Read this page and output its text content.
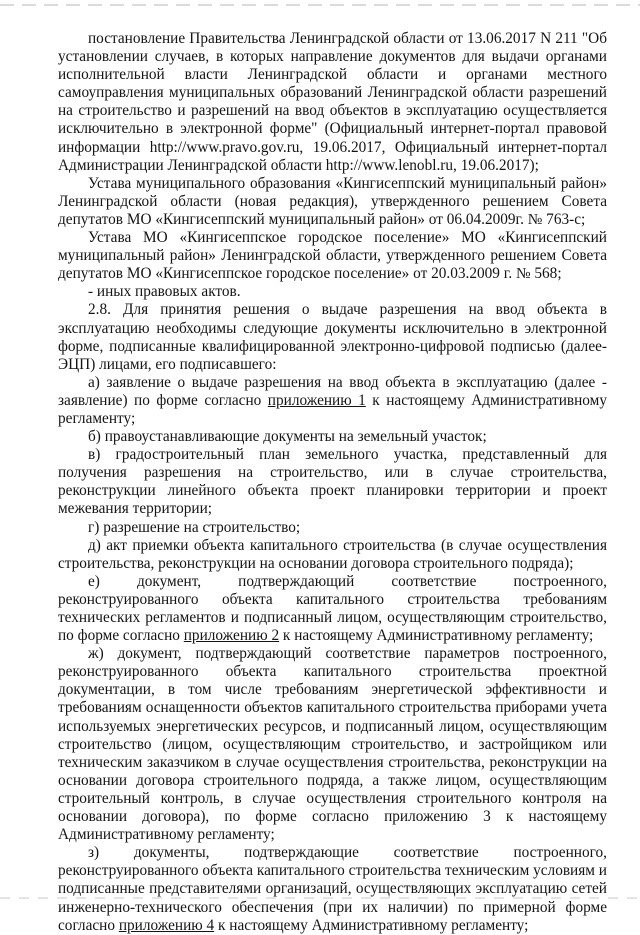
постановление Правительства Ленинградской области от 13.06.2017 N 211 "Об установлении случаев, в которых направление документов для выдачи органами исполнительной власти Ленинградской области и органами местного самоуправления муниципальных образований Ленинградской области разрешений на строительство и разрешений на ввод объектов в эксплуатацию осуществляется исключительно в электронной форме" (Официальный интернет-портал правовой информации http://www.pravo.gov.ru, 19.06.2017, Официальный интернет-портал Администрации Ленинградской области http://www.lenobl.ru, 19.06.2017);

Устава муниципального образования «Кингисеппский муниципальный район» Ленинградской области (новая редакция), утвержденного решением Совета депутатов МО «Кингисеппский муниципальный район» от 06.04.2009г. № 763-с;

Устава МО «Кингисеппское городское поселение» МО «Кингисеппский муниципальный район» Ленинградской области, утвержденного решением Совета депутатов МО «Кингисеппское городское поселение» от 20.03.2009 г. № 568;

- иных правовых актов.

2.8. Для принятия решения о выдаче разрешения на ввод объекта в эксплуатацию необходимы следующие документы исключительно в электронной форме, подписанные квалифицированной электронно-цифровой подписью (далее-ЭЦП) лицами, его подписавшего:

а) заявление о выдаче разрешения на ввод объекта в эксплуатацию (далее - заявление) по форме согласно приложению 1 к настоящему Административному регламенту;

б) правоустанавливающие документы на земельный участок;

в) градостроительный план земельного участка, представленный для получения разрешения на строительство, или в случае строительства, реконструкции линейного объекта проект планировки территории и проект межевания территории;

г) разрешение на строительство;

д) акт приемки объекта капитального строительства (в случае осуществления строительства, реконструкции на основании договора строительного подряда);

е) документ, подтверждающий соответствие построенного, реконструированного объекта капитального строительства требованиям технических регламентов и подписанный лицом, осуществляющим строительство, по форме согласно приложению 2 к настоящему Административному регламенту;

ж) документ, подтверждающий соответствие параметров построенного, реконструированного объекта капитального строительства проектной документации, в том числе требованиям энергетической эффективности и требованиям оснащенности объектов капитального строительства приборами учета используемых энергетических ресурсов, и подписанный лицом, осуществляющим строительство (лицом, осуществляющим строительство, и застройщиком или техническим заказчиком в случае осуществления строительства, реконструкции на основании договора строительного подряда, а также лицом, осуществляющим строительный контроль, в случае осуществления строительного контроля на основании договора), по форме согласно приложению 3 к настоящему Административному регламенту;

з) документы, подтверждающие соответствие построенного, реконструированного объекта капитального строительства техническим условиям и подписанные представителями организаций, осуществляющих эксплуатацию сетей инженерно-технического обеспечения (при их наличии) по примерной форме согласно приложению 4 к настоящему Административному регламенту;
